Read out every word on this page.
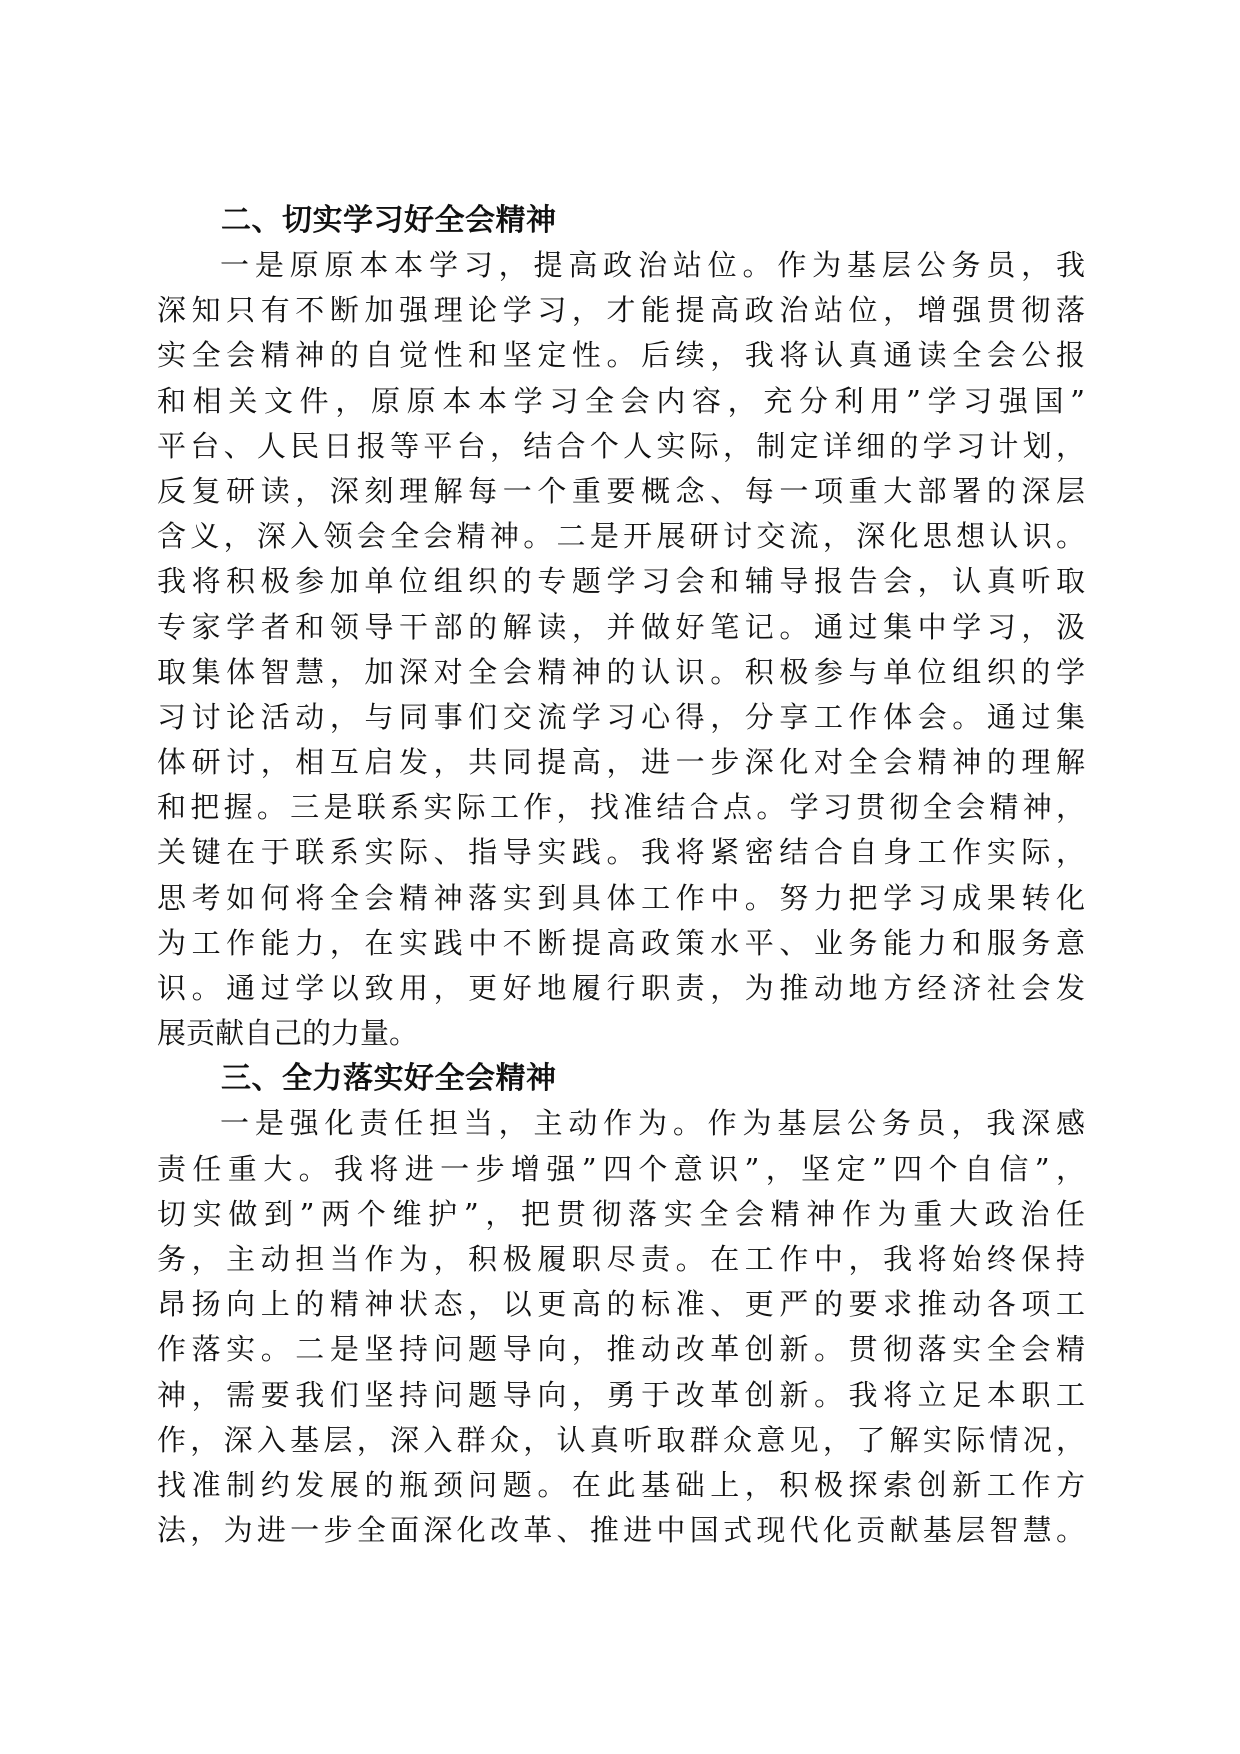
二、切实学习好全会精神

一是原原本本学习，提高政治站位。作为基层公务员，我

深知只有不断加强理论学习，才能提高政治站位，增强贯彻落

实全会精神的自觉性和坚定性。后续，我将认真通读全会公报

和相关文件，原原本本学习全会内容，充分利用”学习强国”

平台、人民日报等平台，结合个人实际，制定详细的学习计划，

反复研读，深刻理解每一个重要概念、每一项重大部署的深层

含义，深入领会全会精神。二是开展研讨交流，深化思想认识。

我将积极参加单位组织的专题学习会和辅导报告会，认真听取

专家学者和领导干部的解读，并做好笔记。通过集中学习，汲

取集体智慧，加深对全会精神的认识。积极参与单位组织的学

习讨论活动，与同事们交流学习心得，分享工作体会。通过集

体研讨，相互启发，共同提高，进一步深化对全会精神的理解

和把握。三是联系实际工作，找准结合点。学习贯彻全会精神，

关键在于联系实际、指导实践。我将紧密结合自身工作实际，

思考如何将全会精神落实到具体工作中。努力把学习成果转化

为工作能力，在实践中不断提高政策水平、业务能力和服务意

识。通过学以致用，更好地履行职责，为推动地方经济社会发

展贡献自己的力量。

三、全力落实好全会精神

一是强化责任担当，主动作为。作为基层公务员，我深感

责任重大。我将进一步增强”四个意识”，坚定”四个自信”，

切实做到”两个维护”，把贯彻落实全会精神作为重大政治任

务，主动担当作为，积极履职尽责。在工作中，我将始终保持

昂扬向上的精神状态，以更高的标准、更严的要求推动各项工

作落实。二是坚持问题导向，推动改革创新。贯彻落实全会精

神，需要我们坚持问题导向，勇于改革创新。我将立足本职工

作，深入基层，深入群众，认真听取群众意见，了解实际情况，

找准制约发展的瓶颈问题。在此基础上，积极探索创新工作方

法，为进一步全面深化改革、推进中国式现代化贡献基层智慧。
